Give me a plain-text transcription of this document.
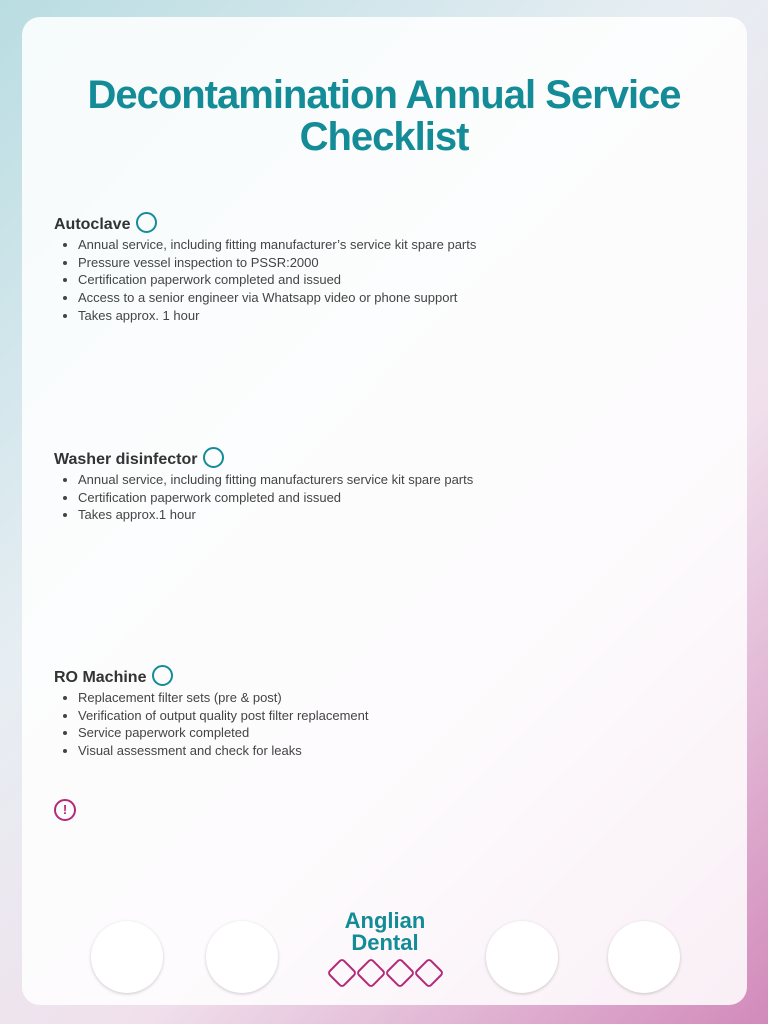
Decontamination Annual Service Checklist
Autoclave
• Annual service, including fitting manufacturer’s service kit spare parts
• Pressure vessel inspection to PSSR:2000
• Certification paperwork completed and issued
• Access to a senior engineer via Whatsapp video or phone support
• Takes approx. 1 hour
Washer disinfector
• Annual service, including fitting manufacturers service kit spare parts
• Certification paperwork completed and issued
• Takes approx.1 hour
RO Machine
• Replacement filter sets (pre & post)
• Verification of output quality post filter replacement
• Service paperwork completed
• Visual assessment and check for leaks
!
Anglian
Dental
